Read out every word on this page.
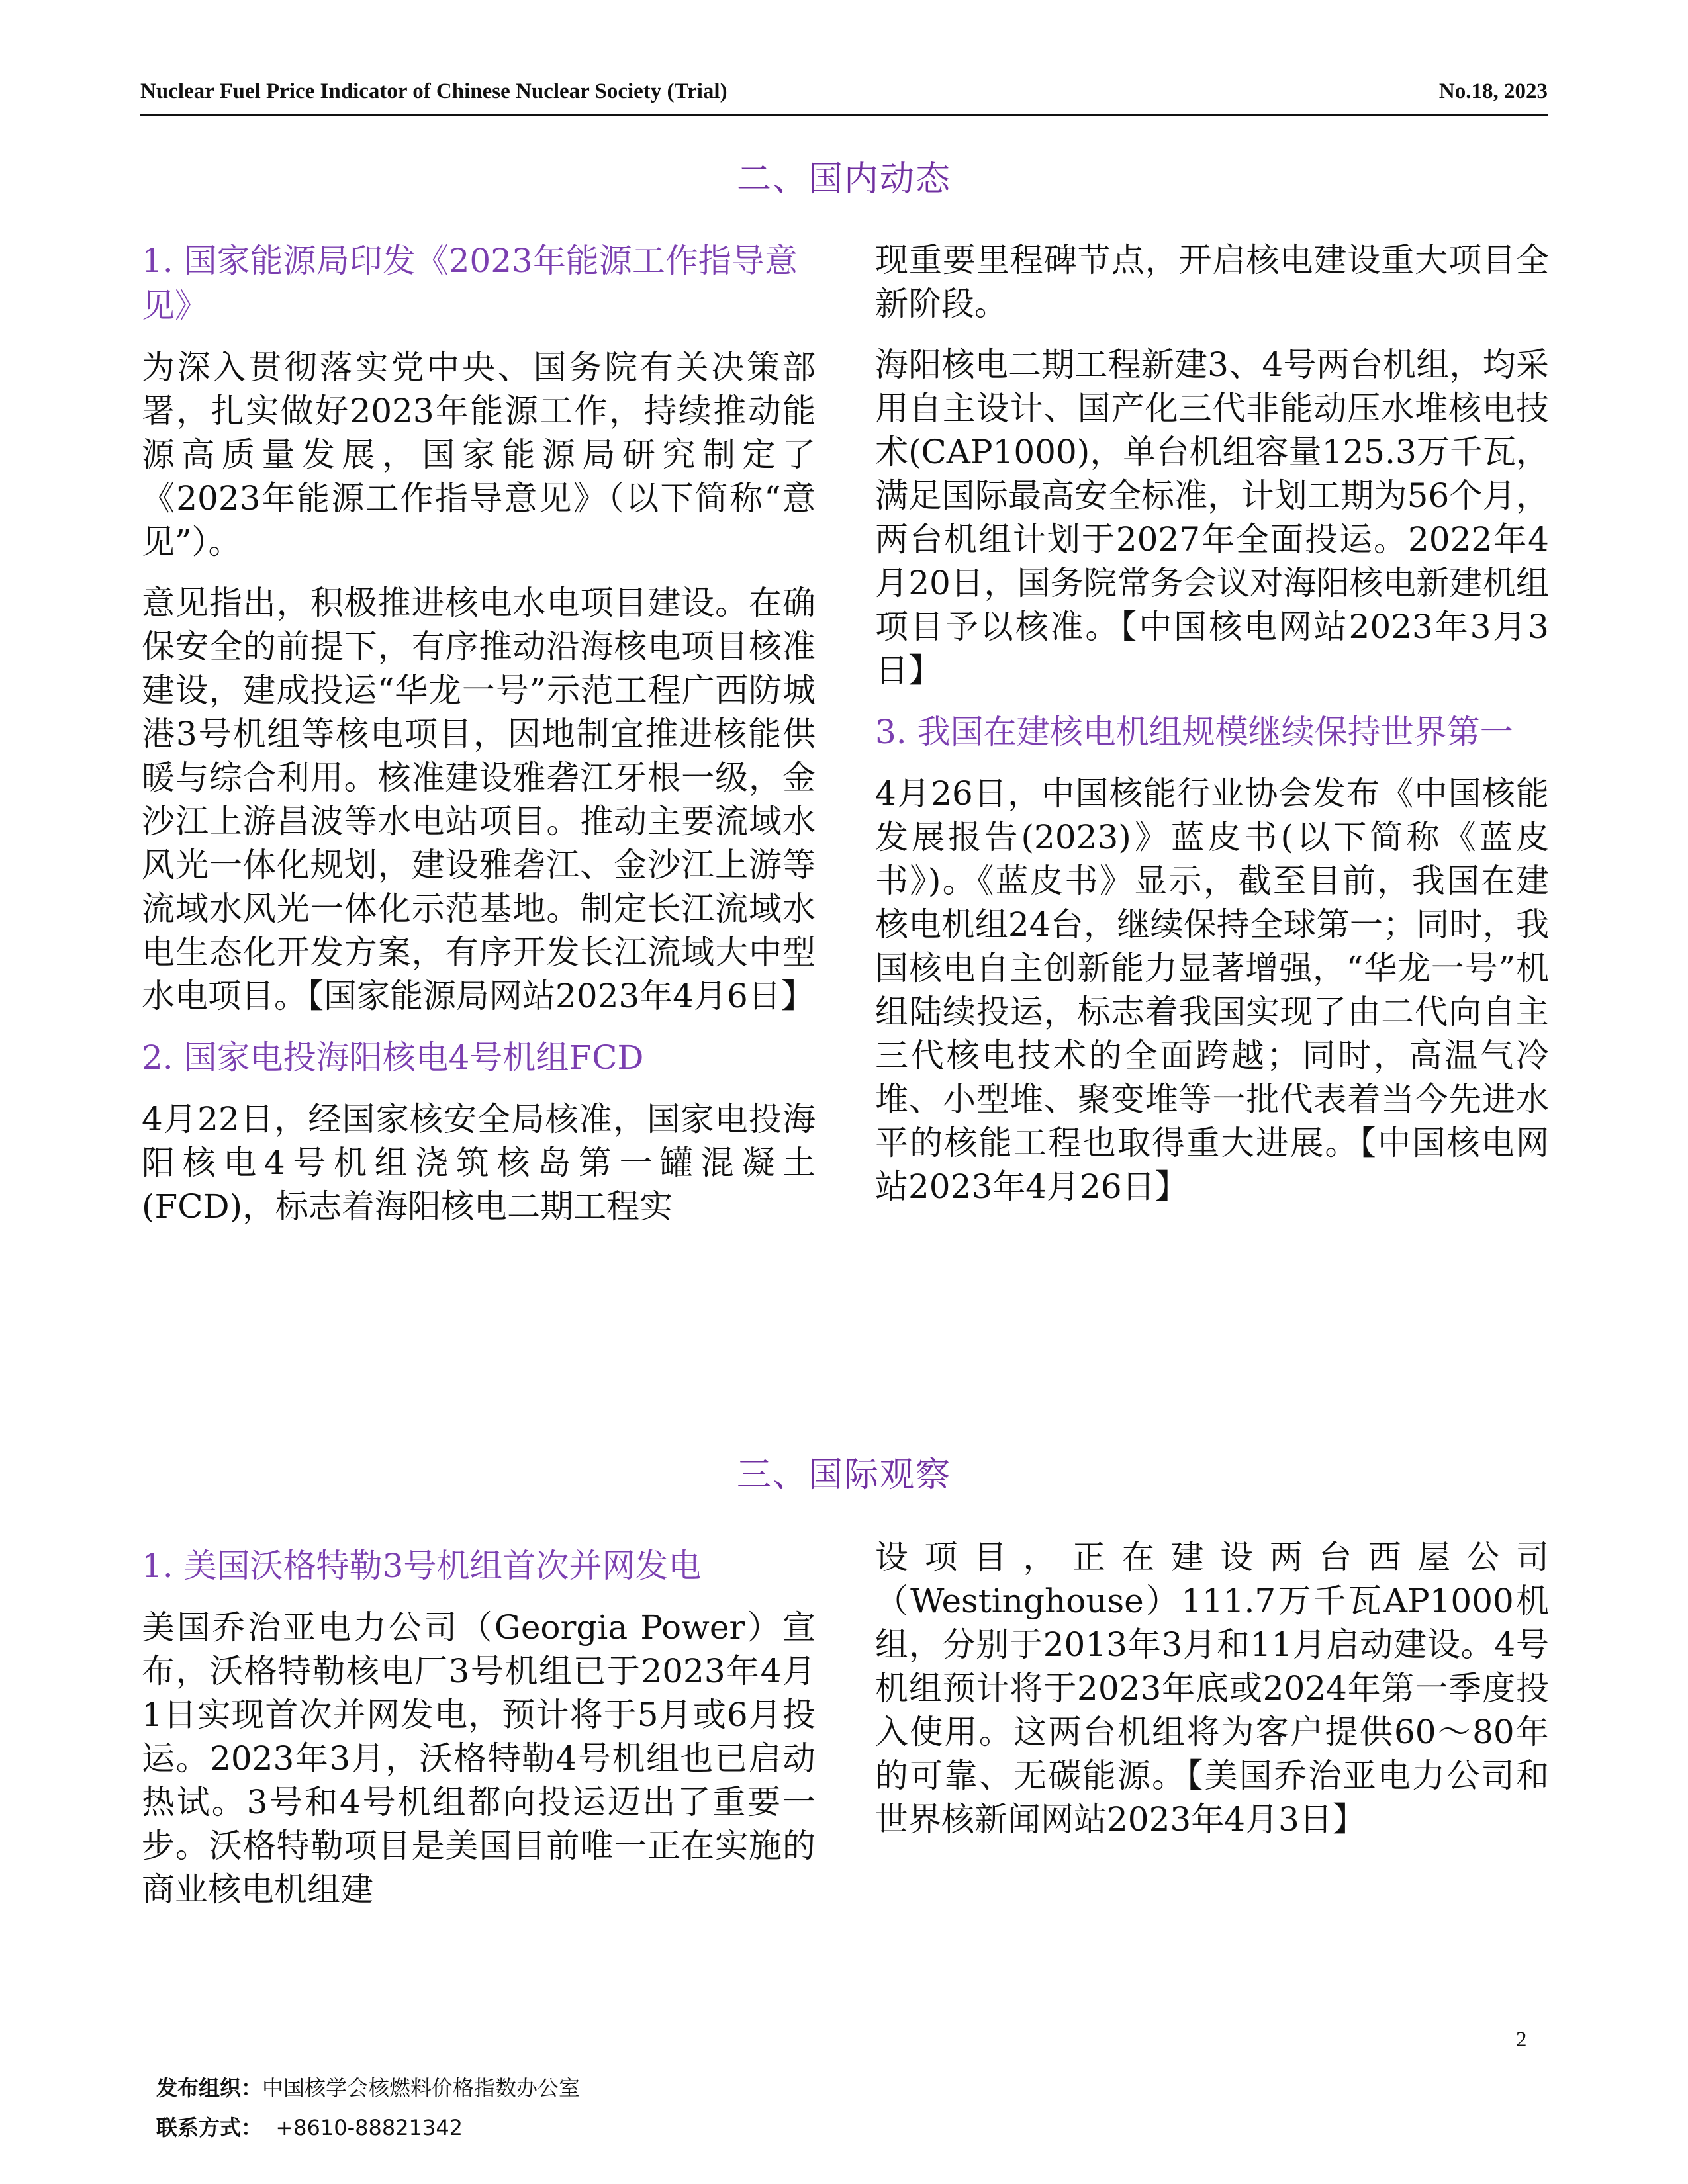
Nuclear Fuel Price Indicator of Chinese Nuclear Society (Trial)	No.18, 2023
二、国内动态

1. 国家能源局印发《2023年能源工作指导意见》

为深入贯彻落实党中央、国务院有关决策部署，扎实做好2023年能源工作，持续推动能源高质量发展，国家能源局研究制定了《2023年能源工作指导意见》（以下简称“意见”）。

意见指出，积极推进核电水电项目建设。在确保安全的前提下，有序推动沿海核电项目核准建设，建成投运“华龙一号”示范工程广西防城港3号机组等核电项目，因地制宜推进核能供暖与综合利用。核准建设雅砻江牙根一级，金沙江上游昌波等水电站项目。推动主要流域水风光一体化规划，建设雅砻江、金沙江上游等流域水风光一体化示范基地。制定长江流域水电生态化开发方案，有序开发长江流域大中型水电项目。【国家能源局网站2023年4月6日】

2. 国家电投海阳核电4号机组FCD

4月22日，经国家核安全局核准，国家电投海阳核电4号机组浇筑核岛第一罐混凝土(FCD)，标志着海阳核电二期工程实

现重要里程碑节点，开启核电建设重大项目全新阶段。

海阳核电二期工程新建3、4号两台机组，均采用自主设计、国产化三代非能动压水堆核电技术(CAP1000)，单台机组容量125.3万千瓦，满足国际最高安全标准，计划工期为56个月，两台机组计划于2027年全面投运。2022年4月20日，国务院常务会议对海阳核电新建机组项目予以核准。【中国核电网站2023年3月3日】

3. 我国在建核电机组规模继续保持世界第一

4月26日，中国核能行业协会发布《中国核能发展报告(2023)》蓝皮书(以下简称《蓝皮书》)。《蓝皮书》显示，截至目前，我国在建核电机组24台，继续保持全球第一；同时，我国核电自主创新能力显著增强，“华龙一号”机组陆续投运，标志着我国实现了由二代向自主三代核电技术的全面跨越；同时，高温气冷堆、小型堆、聚变堆等一批代表着当今先进水平的核能工程也取得重大进展。【中国核电网站2023年4月26日】

三、国际观察

1. 美国沃格特勒3号机组首次并网发电

美国乔治亚电力公司（Georgia Power）宣布，沃格特勒核电厂3号机组已于2023年4月1日实现首次并网发电，预计将于5月或6月投运。2023年3月，沃格特勒4号机组也已启动热试。3号和4号机组都向投运迈出了重要一步。沃格特勒项目是美国目前唯一正在实施的商业核电机组建

设项目，正在建设两台西屋公司（Westinghouse）111.7万千瓦AP1000机组，分别于2013年3月和11月启动建设。4号机组预计将于2023年底或2024年第一季度投入使用。这两台机组将为客户提供60～80年的可靠、无碳能源。【美国乔治亚电力公司和世界核新闻网站2023年4月3日】

2
发布组织：中国核学会核燃料价格指数办公室
联系方式： +8610-88821342
